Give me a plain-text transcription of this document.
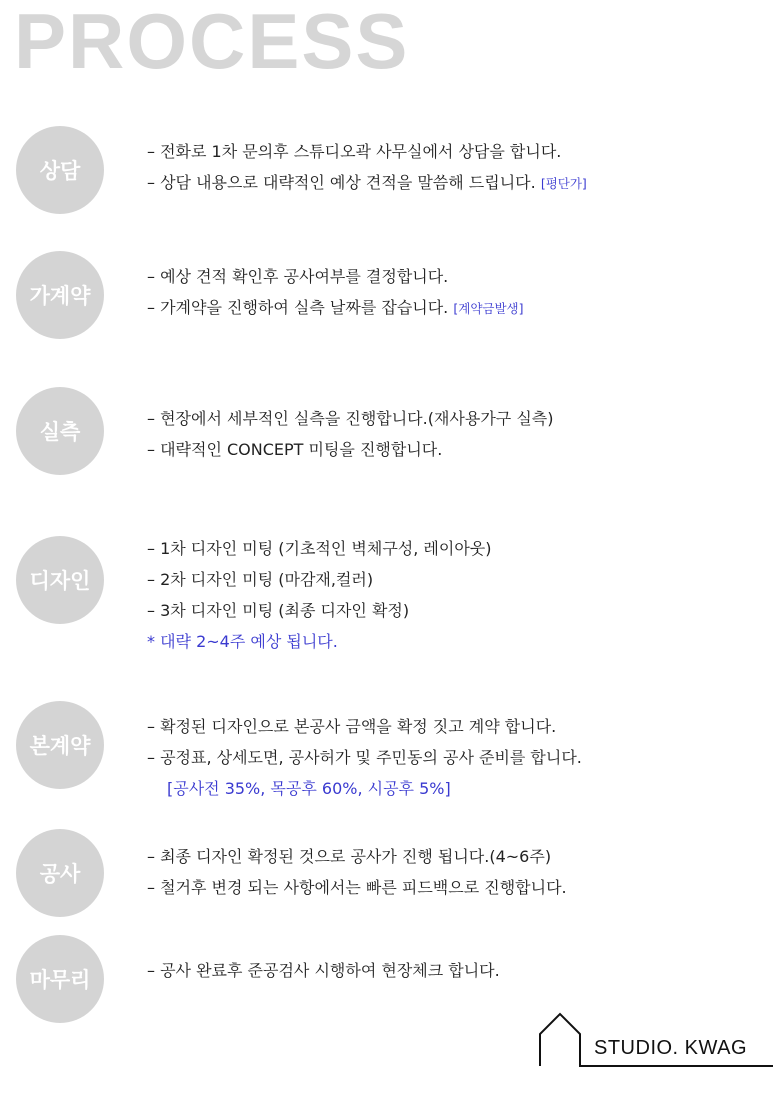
PROCESS
상담
– 전화로 1차 문의후 스튜디오곽 사무실에서 상담을 합니다.
– 상담 내용으로 대략적인 예상 견적을 말씀해 드립니다. [평단가]
가계약
– 예상 견적 확인후 공사여부를 결정합니다.
– 가계약을 진행하여 실측 날짜를 잡습니다. [계약금발생]
실측
– 현장에서 세부적인 실측을 진행합니다.(재사용가구 실측)
– 대략적인 CONCEPT 미팅을 진행합니다.
디자인
– 1차 디자인 미팅 (기초적인 벽체구성, 레이아웃)
– 2차 디자인 미팅 (마감재,컬러)
– 3차 디자인 미팅 (최종 디자인 확정)
* 대략 2~4주 예상 됩니다.
본계약
– 확정된 디자인으로 본공사 금액을 확정 짓고 계약 합니다.
– 공정표, 상세도면, 공사허가 및 주민동의 공사 준비를 합니다.
[공사전 35%, 목공후 60%, 시공후 5%]
공사
– 최종 디자인 확정된 것으로 공사가 진행 됩니다.(4~6주)
– 철거후 변경 되는 사항에서는 빠른 피드백으로 진행합니다.
마무리	– 공사 완료후 준공검사 시행하여 현장체크 합니다.
STUDIO. KWAG
